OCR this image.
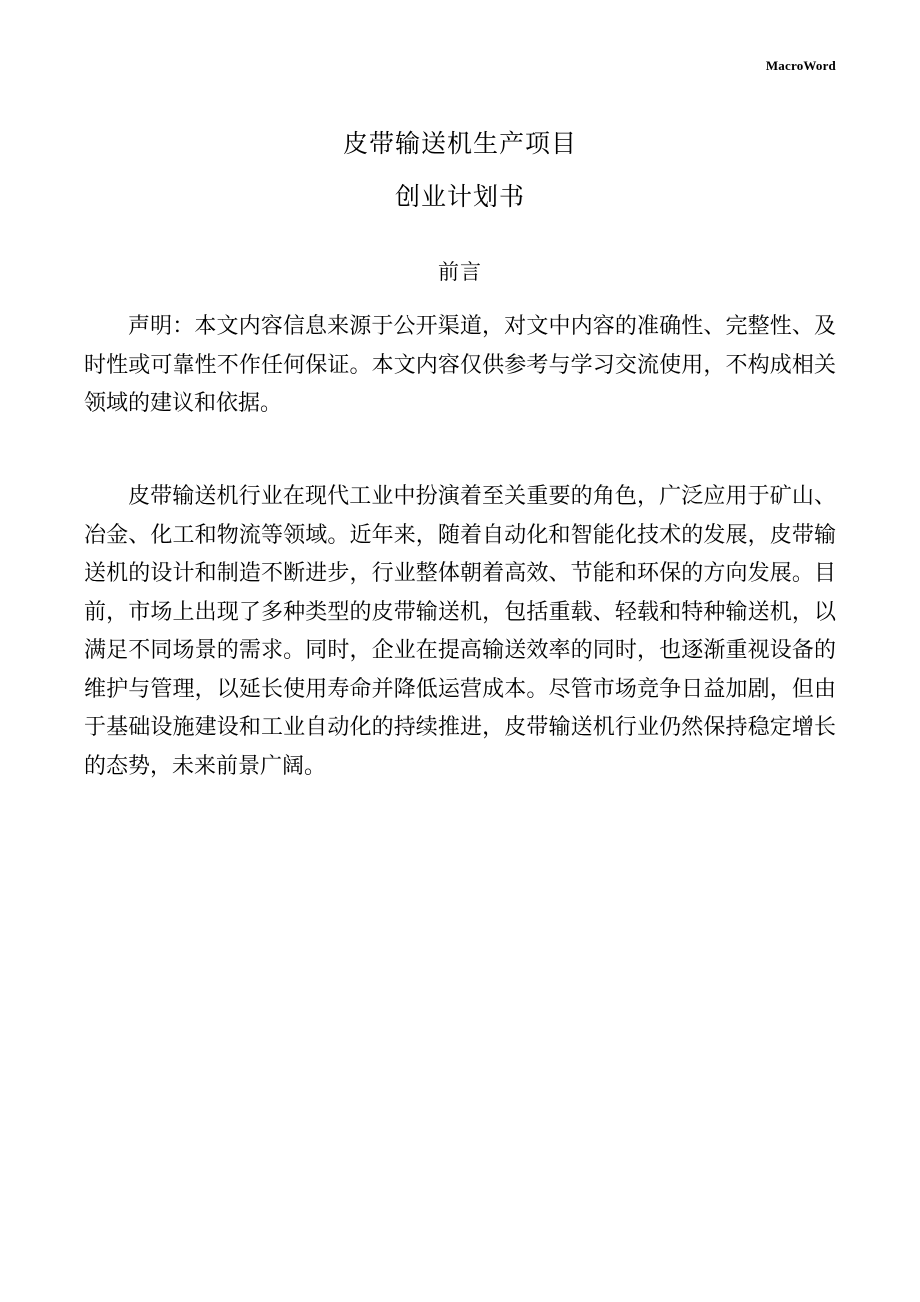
MacroWord
皮带输送机生产项目
创业计划书
前言

声明：本文内容信息来源于公开渠道，对文中内容的准确性、完整性、及时性或可靠性不作任何保证。本文内容仅供参考与学习交流使用，不构成相关领域的建议和依据。

皮带输送机行业在现代工业中扮演着至关重要的角色，广泛应用于矿山、冶金、化工和物流等领域。近年来，随着自动化和智能化技术的发展，皮带输送机的设计和制造不断进步，行业整体朝着高效、节能和环保的方向发展。目前，市场上出现了多种类型的皮带输送机，包括重载、轻载和特种输送机，以满足不同场景的需求。同时，企业在提高输送效率的同时，也逐渐重视设备的维护与管理，以延长使用寿命并降低运营成本。尽管市场竞争日益加剧，但由于基础设施建设和工业自动化的持续推进，皮带输送机行业仍然保持稳定增长的态势，未来前景广阔。
